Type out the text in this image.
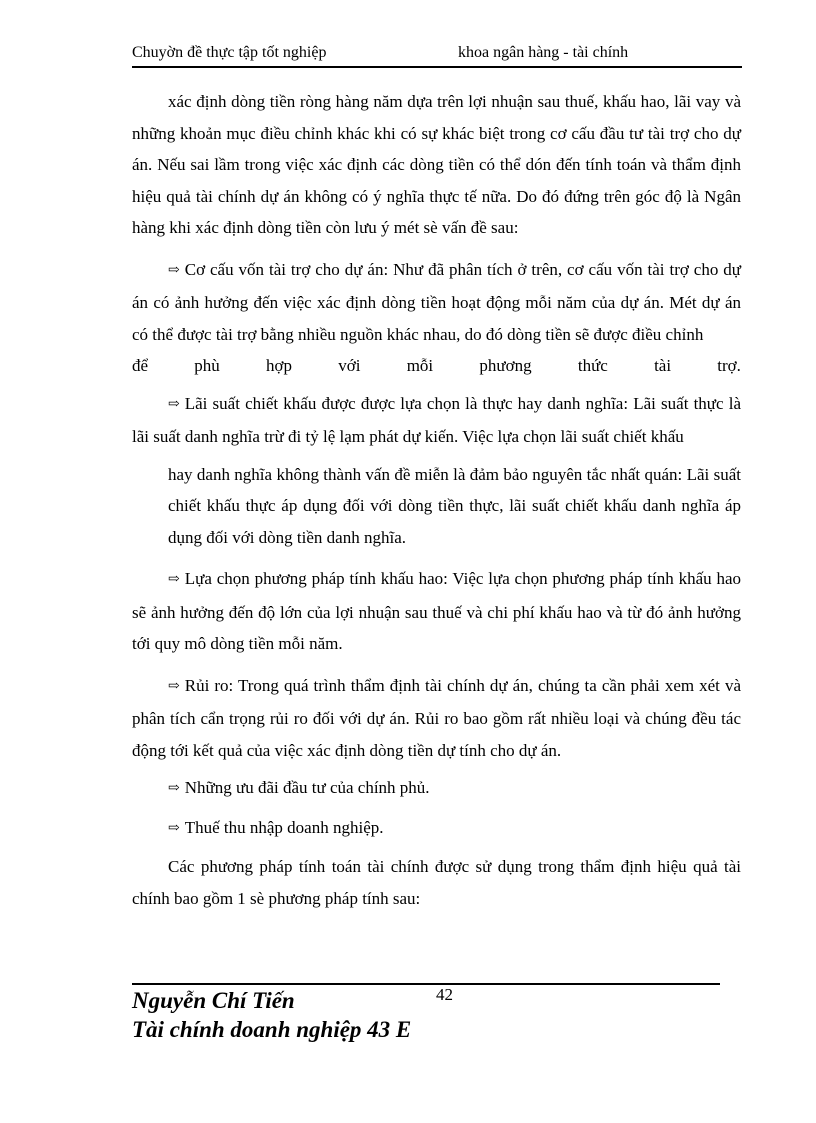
Chuyờn đề thực tập tốt nghiệp	khoa ngân hàng - tài chính

xác định dòng tiền ròng hàng năm dựa trên lợi nhuận sau thuế, khấu hao, lãi vay và những khoản mục điều chỉnh khác khi có sự khác biệt trong cơ cấu đầu tư tài trợ cho dự án. Nếu sai lầm trong việc xác định các dòng tiền có thể dón đến tính toán và thẩm định hiệu quả tài chính dự án không có ý nghĩa thực tế nữa. Do đó đứng trên góc độ là Ngân hàng khi xác định dòng tiền còn lưu ý mét sè vấn đề sau:

⇨ Cơ cấu vốn tài trợ cho dự án: Như đã phân tích ở trên, cơ cấu vốn tài trợ cho dự án có ảnh hưởng đến việc xác định dòng tiền hoạt động mỗi năm của dự án. Mét dự án có thể được tài trợ bằng nhiều nguồn khác nhau, do đó dòng tiền sẽ được điều chỉnh

để	phù	hợp	với	mỗi	phương	thức	tài	trợ.

⇨ Lãi suất chiết khấu được được lựa chọn là thực hay danh nghĩa: Lãi suất thực là lãi suất danh nghĩa trừ đi tỷ lệ lạm phát dự kiến. Việc lựa chọn lãi suất chiết khấu

hay danh nghĩa không thành vấn đề miễn là đảm bảo nguyên tắc nhất quán: Lãi suất chiết khấu thực áp dụng đối với dòng tiền thực, lãi suất chiết khấu danh nghĩa áp dụng đối với dòng tiền danh nghĩa.

⇨ Lựa chọn phương pháp tính khấu hao: Việc lựa chọn phương pháp tính khấu hao sẽ ảnh hưởng đến độ lớn của lợi nhuận sau thuế và chi phí khấu hao và từ đó ảnh hưởng tới quy mô dòng tiền mỗi năm.

⇨ Rủi ro: Trong quá trình thẩm định tài chính dự án, chúng ta cần phải xem xét và phân tích cẩn trọng rủi ro đối với dự án. Rủi ro bao gồm rất nhiều loại và chúng đều tác động tới kết quả của việc xác định dòng tiền dự tính cho dự án.

⇨ Những ưu đãi đầu tư của chính phủ.

⇨ Thuế thu nhập doanh nghiệp.

Các phương pháp tính toán tài chính được sử dụng trong thẩm định hiệu quả tài chính bao gồm 1 sè phương pháp tính sau:

42
Nguyễn Chí Tiến
Tài chính doanh nghiệp 43 E
